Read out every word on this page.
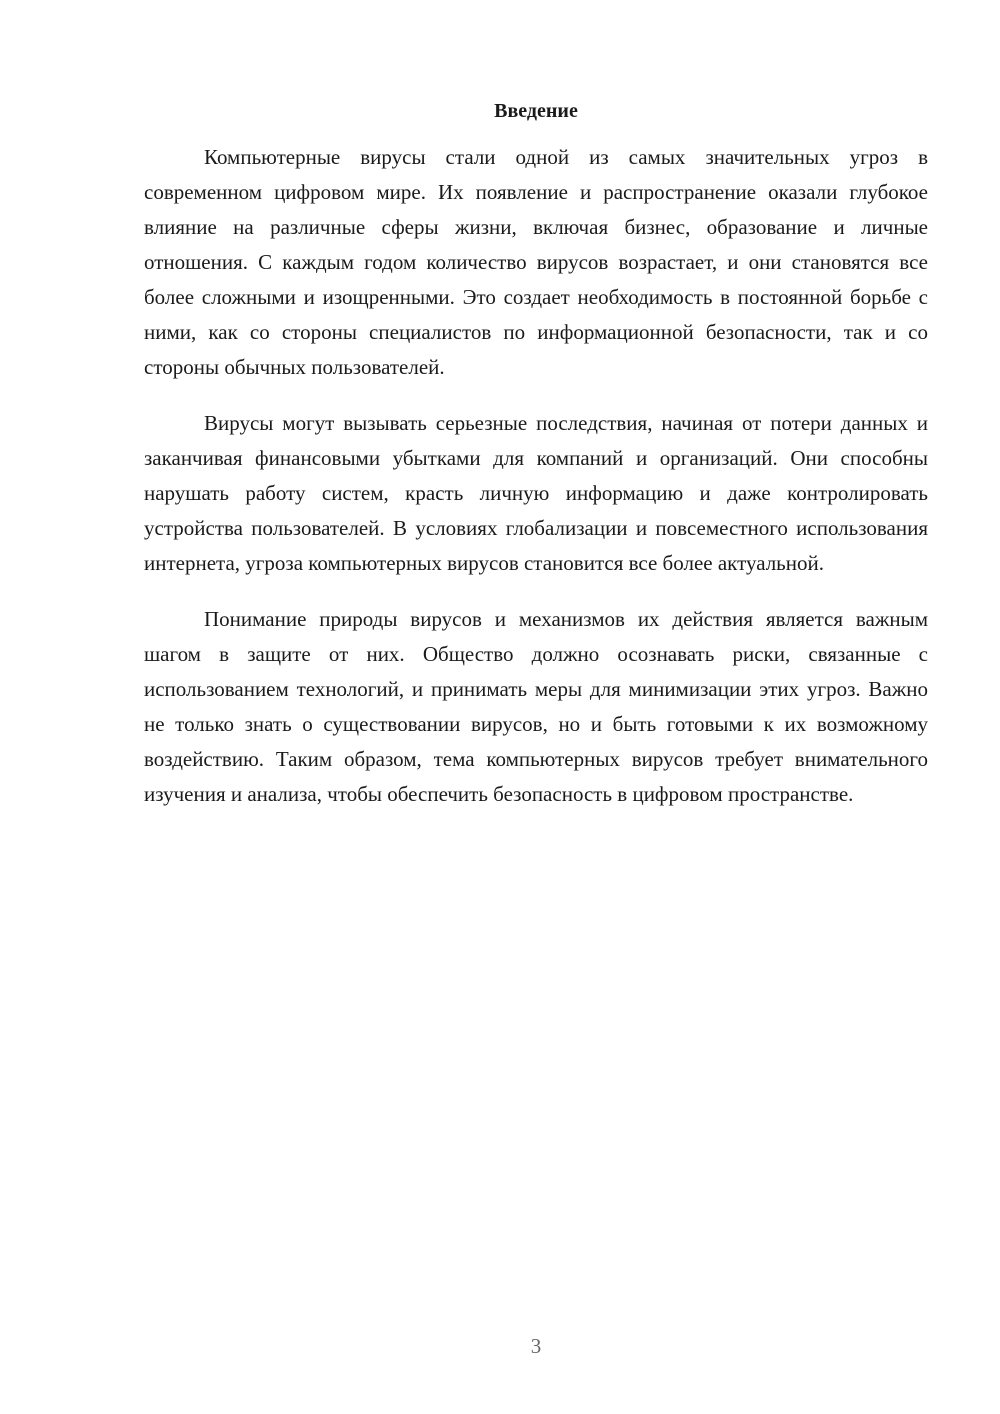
Введение

Компьютерные вирусы стали одной из самых значительных угроз в современном цифровом мире. Их появление и распространение оказали глубокое влияние на различные сферы жизни, включая бизнес, образование и личные отношения. С каждым годом количество вирусов возрастает, и они становятся все более сложными и изощренными. Это создает необходимость в постоянной борьбе с ними, как со стороны специалистов по информационной безопасности, так и со стороны обычных пользователей.

Вирусы могут вызывать серьезные последствия, начиная от потери данных и заканчивая финансовыми убытками для компаний и организаций. Они способны нарушать работу систем, красть личную информацию и даже контролировать устройства пользователей. В условиях глобализации и повсеместного использования интернета, угроза компьютерных вирусов становится все более актуальной.

Понимание природы вирусов и механизмов их действия является важным шагом в защите от них. Общество должно осознавать риски, связанные с использованием технологий, и принимать меры для минимизации этих угроз. Важно не только знать о существовании вирусов, но и быть готовыми к их возможному воздействию. Таким образом, тема компьютерных вирусов требует внимательного изучения и анализа, чтобы обеспечить безопасность в цифровом пространстве.

3
